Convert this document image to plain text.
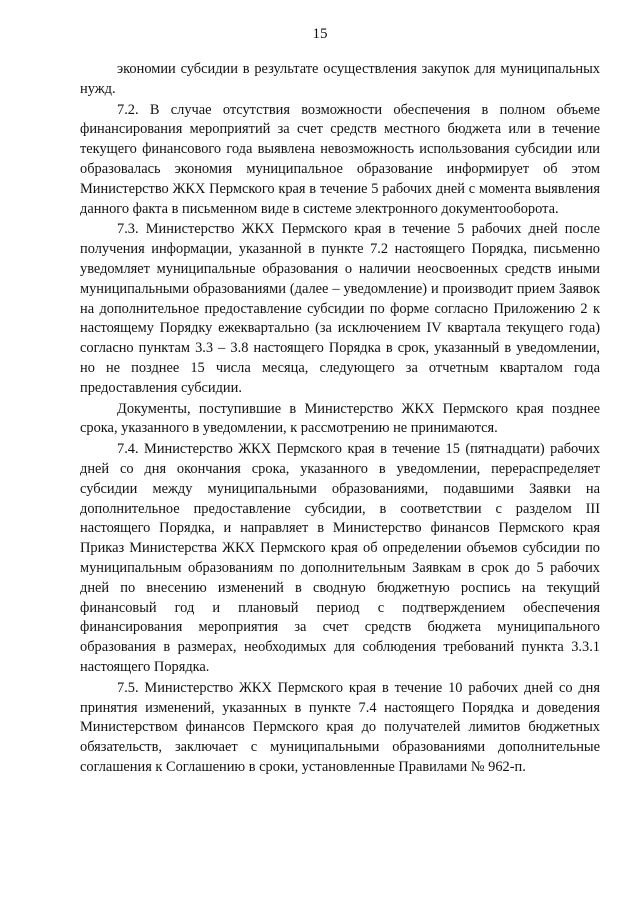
15

экономии субсидии в результате осуществления закупок для муниципальных нужд.

7.2. В случае отсутствия возможности обеспечения в полном объеме финансирования мероприятий за счет средств местного бюджета или в течение текущего финансового года выявлена невозможность использования субсидии или образовалась экономия муниципальное образование информирует об этом Министерство ЖКХ Пермского края в течение 5 рабочих дней с момента выявления данного факта в письменном виде в системе электронного документооборота.

7.3. Министерство ЖКХ Пермского края в течение 5 рабочих дней после получения информации, указанной в пункте 7.2 настоящего Порядка, письменно уведомляет муниципальные образования о наличии неосвоенных средств иными муниципальными образованиями (далее – уведомление) и производит прием Заявок на дополнительное предоставление субсидии по форме согласно Приложению 2 к настоящему Порядку ежеквартально (за исключением IV квартала текущего года) согласно пунктам 3.3 – 3.8 настоящего Порядка в срок, указанный в уведомлении, но не позднее 15 числа месяца, следующего за отчетным кварталом года предоставления субсидии.

Документы, поступившие в Министерство ЖКХ Пермского края позднее срока, указанного в уведомлении, к рассмотрению не принимаются.

7.4. Министерство ЖКХ Пермского края в течение 15 (пятнадцати) рабочих дней со дня окончания срока, указанного в уведомлении, перераспределяет субсидии между муниципальными образованиями, подавшими Заявки на дополнительное предоставление субсидии, в соответствии с разделом III настоящего Порядка, и направляет в Министерство финансов Пермского края Приказ Министерства ЖКХ Пермского края об определении объемов субсидии по муниципальным образованиям по дополнительным Заявкам в срок до 5 рабочих дней по внесению изменений в сводную бюджетную роспись на текущий финансовый год и плановый период с подтверждением обеспечения финансирования мероприятия за счет средств бюджета муниципального образования в размерах, необходимых для соблюдения требований пункта 3.3.1 настоящего Порядка.

7.5. Министерство ЖКХ Пермского края в течение 10 рабочих дней со дня принятия изменений, указанных в пункте 7.4 настоящего Порядка и доведения Министерством финансов Пермского края до получателей лимитов бюджетных обязательств, заключает с муниципальными образованиями дополнительные соглашения к Соглашению в сроки, установленные Правилами № 962-п.
